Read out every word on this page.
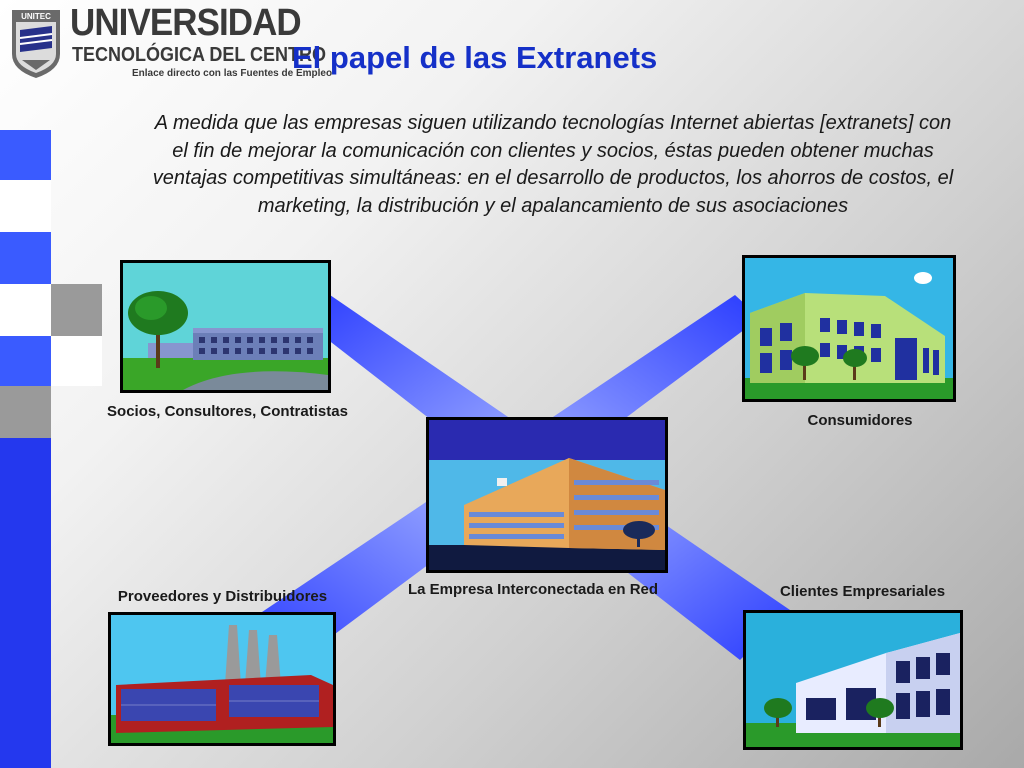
UNITEC UNIVERSIDAD
TECNOLÓGICA DEL CENTRO
Enlace directo con las Fuentes de Empleo
El papel de las Extranets
A medida que las empresas siguen utilizando tecnologías Internet abiertas [extranets] con el fin de mejorar la comunicación con clientes y socios, éstas pueden obtener muchas ventajas competitivas simultáneas: en el desarrollo de productos, los ahorros de costos, el marketing, la distribución y el apalancamiento de sus asociaciones
Socios, Consultores, Contratistas
Consumidores
La Empresa Interconectada en Red
Proveedores y Distribuidores	Clientes Empresariales
